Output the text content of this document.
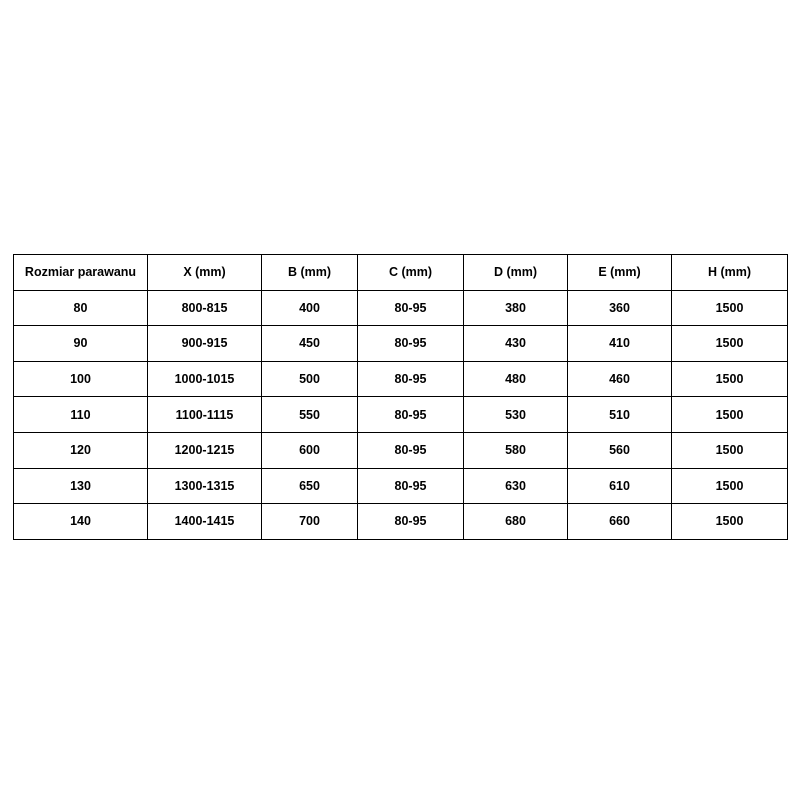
Rozmiar parawanu	X (mm)	B (mm)	C (mm)	D (mm)	E (mm)	H (mm)
80	800-815	400	80-95	380	360	1500
90	900-915	450	80-95	430	410	1500
100	1000-1015	500	80-95	480	460	1500
110	1100-1115	550	80-95	530	510	1500
120	1200-1215	600	80-95	580	560	1500
130	1300-1315	650	80-95	630	610	1500
140	1400-1415	700	80-95	680	660	1500
